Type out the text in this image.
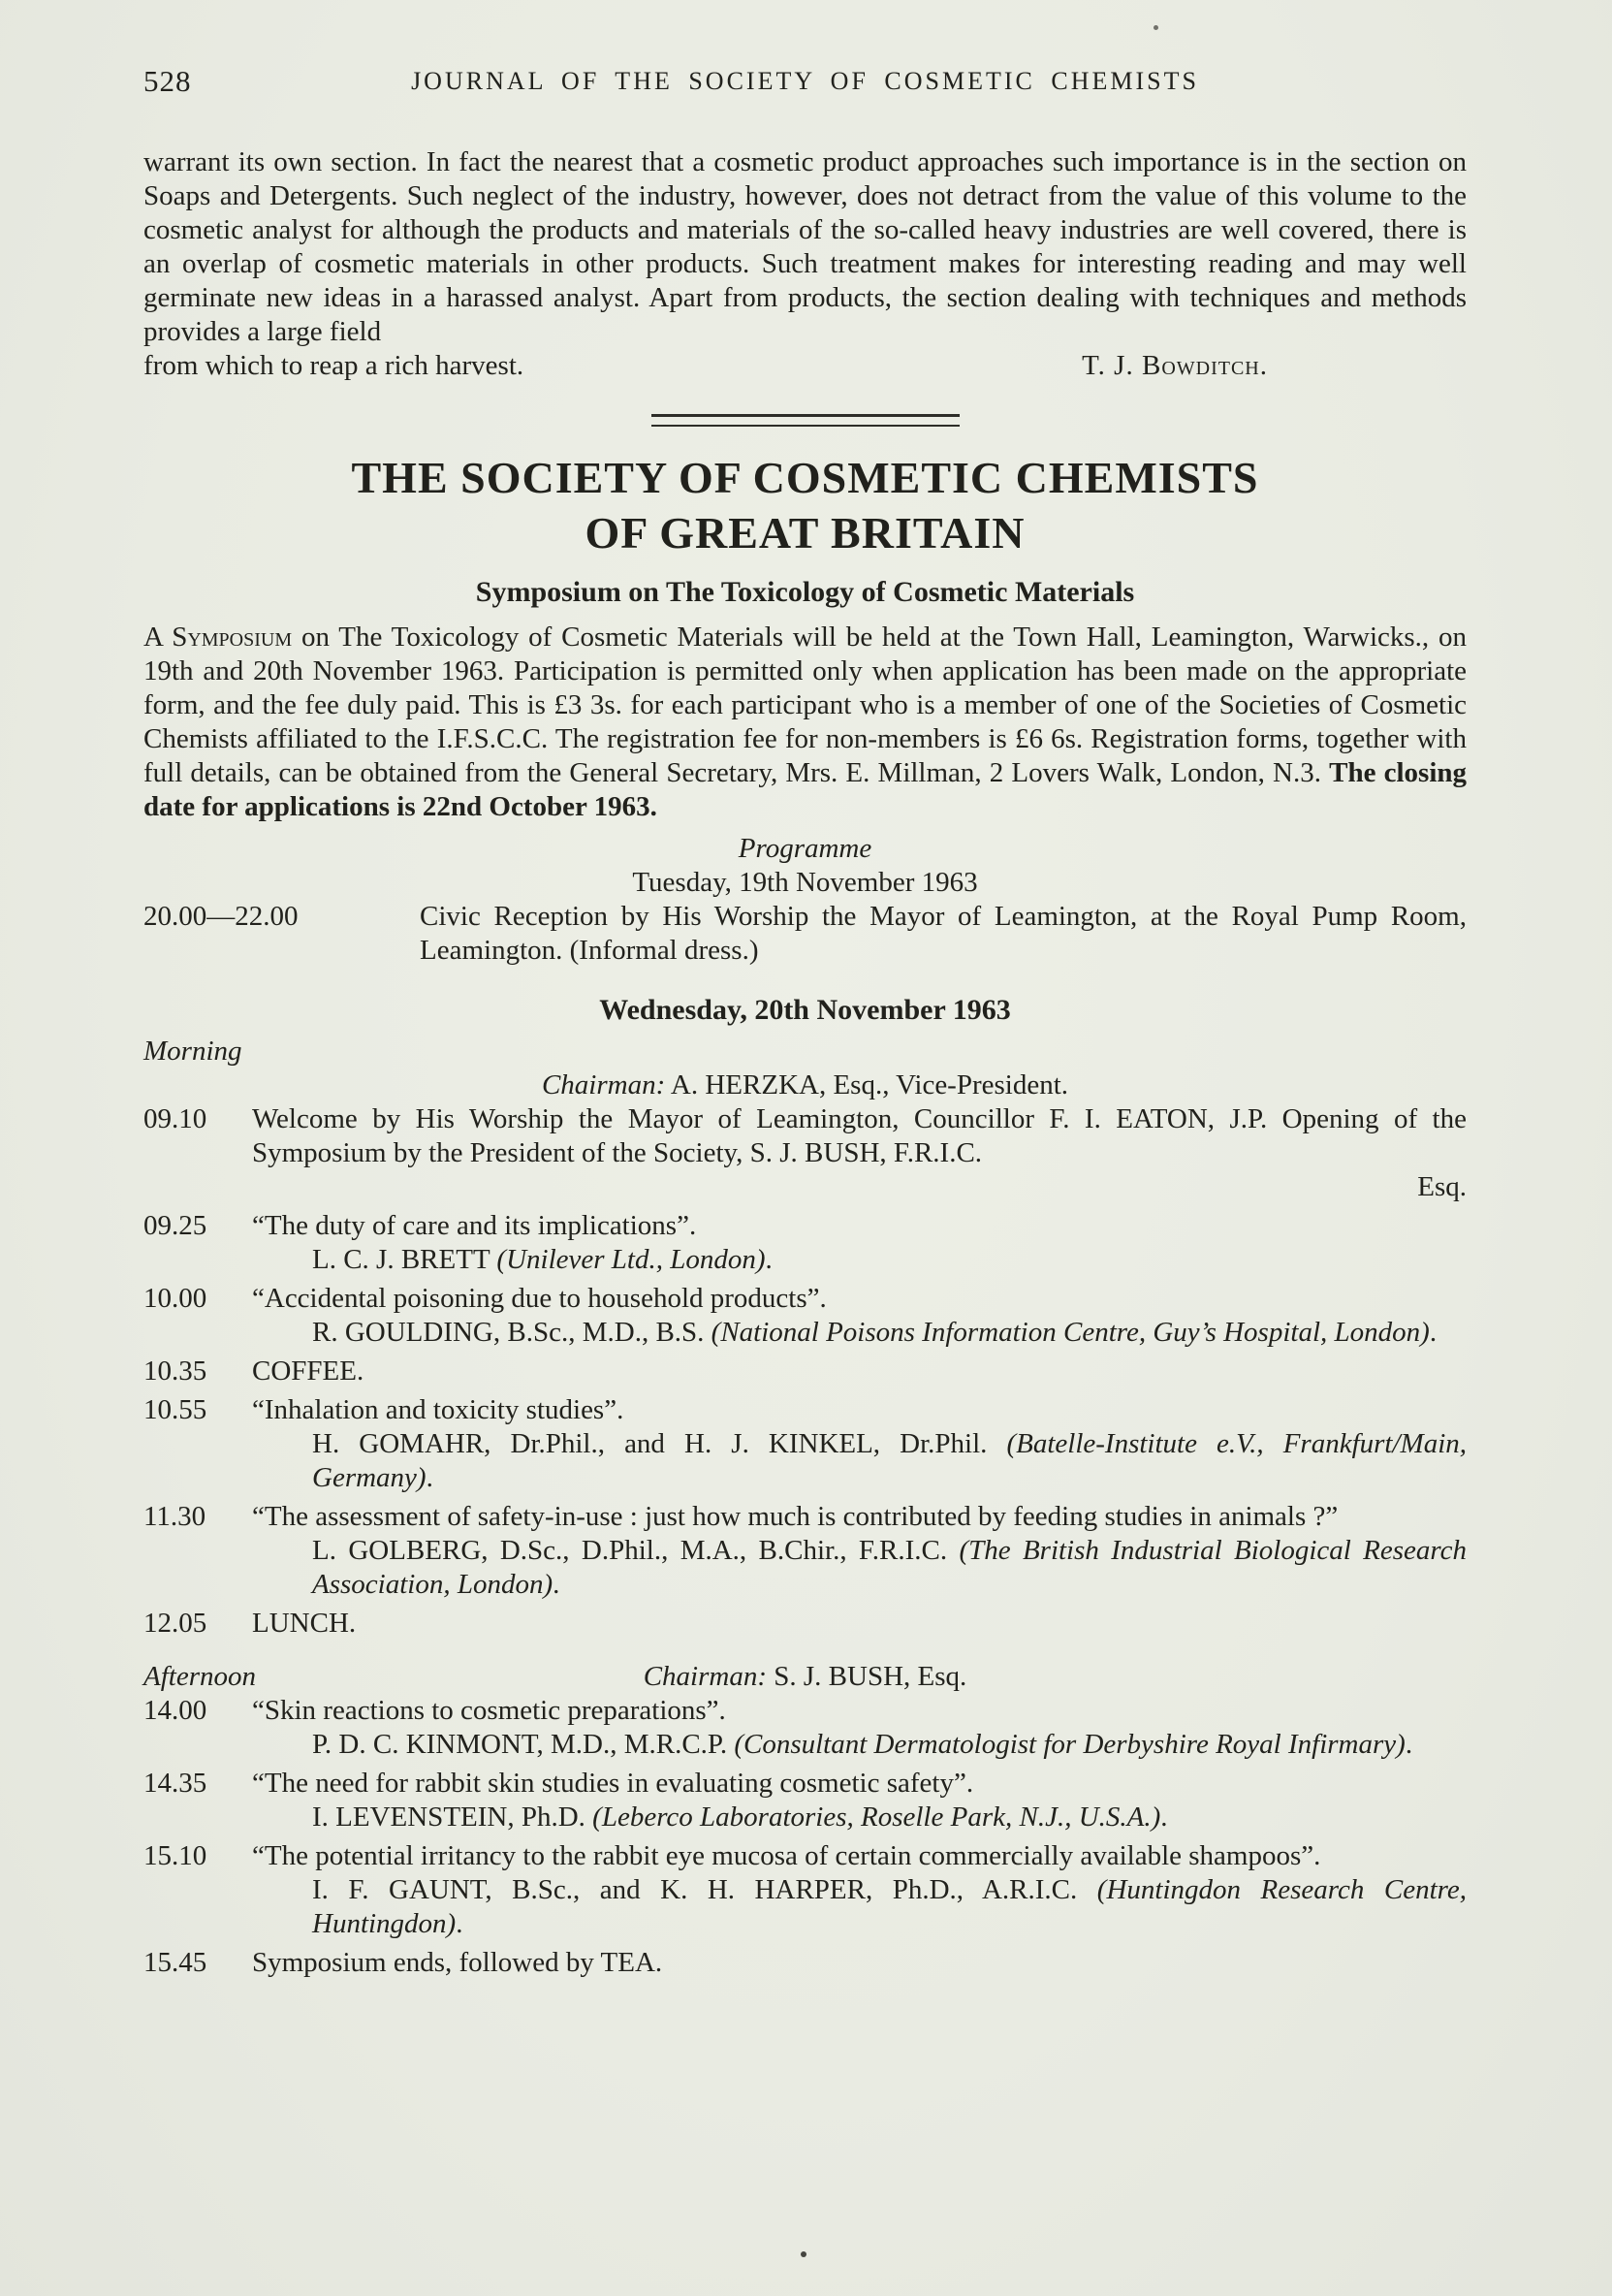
528	JOURNAL OF THE SOCIETY OF COSMETIC CHEMISTS

warrant its own section. In fact the nearest that a cosmetic product approaches such importance is in the section on Soaps and Detergents. Such neglect of the industry, however, does not detract from the value of this volume to the cosmetic analyst for although the products and materials of the so-called heavy industries are well covered, there is an overlap of cosmetic materials in other products. Such treatment makes for interesting reading and may well germinate new ideas in a harassed analyst. Apart from products, the section dealing with techniques and methods provides a large field

from which to reap a rich harvest.	T. J. Bowditch.

THE SOCIETY OF COSMETIC CHEMISTS
OF GREAT BRITAIN
Symposium on The Toxicology of Cosmetic Materials

A Symposium on The Toxicology of Cosmetic Materials will be held at the Town Hall, Leamington, Warwicks., on 19th and 20th November 1963. Participation is permitted only when application has been made on the appropriate form, and the fee duly paid. This is £3 3s. for each participant who is a member of one of the Societies of Cosmetic Chemists affiliated to the I.F.S.C.C. The registration fee for non-members is £6 6s. Registration forms, together with full details, can be obtained from the General Secretary, Mrs. E. Millman, 2 Lovers Walk, London, N.3. The closing date for applications is 22nd October 1963.

Programme

Tuesday, 19th November 1963

20.00—22.00	Civic Reception by His Worship the Mayor of Leamington, at the Royal Pump Room, Leamington. (Informal dress.)

Wednesday, 20th November 1963
Morning

Chairman: A. HERZKA, Esq., Vice-President.

09.10 Welcome by His Worship the Mayor of Leamington, Councillor F. I. EATON, J.P. Opening of the Symposium by the President of the Society, S. J. BUSH, F.R.I.C.

Esq.

09.25 “The duty of care and its implications”.

L. C. J. BRETT (Unilever Ltd., London).

10.00 “Accidental poisoning due to household products”.

R. GOULDING, B.Sc., M.D., B.S. (National Poisons Information Centre, Guy’s Hospital, London).

10.35 COFFEE.

10.55 “Inhalation and toxicity studies”.

H. GOMAHR, Dr.Phil., and H. J. KINKEL, Dr.Phil. (Batelle-Institute e.V., Frankfurt/Main, Germany).

11.30 “The assessment of safety-in-use : just how much is contributed by feeding studies in animals ?”

L. GOLBERG, D.Sc., D.Phil., M.A., B.Chir., F.R.I.C. (The British Industrial Biological Research Association, London).

12.05 LUNCH.

Afternoon	Chairman: S. J. BUSH, Esq.

14.00 “Skin reactions to cosmetic preparations”.

P. D. C. KINMONT, M.D., M.R.C.P. (Consultant Dermatologist for Derbyshire Royal Infirmary).

14.35 “The need for rabbit skin studies in evaluating cosmetic safety”.

I. LEVENSTEIN, Ph.D. (Leberco Laboratories, Roselle Park, N.J., U.S.A.).

15.10 “The potential irritancy to the rabbit eye mucosa of certain commercially available shampoos”.

I. F. GAUNT, B.Sc., and K. H. HARPER, Ph.D., A.R.I.C. (Huntingdon Research Centre, Huntingdon).

15.45 Symposium ends, followed by TEA.
